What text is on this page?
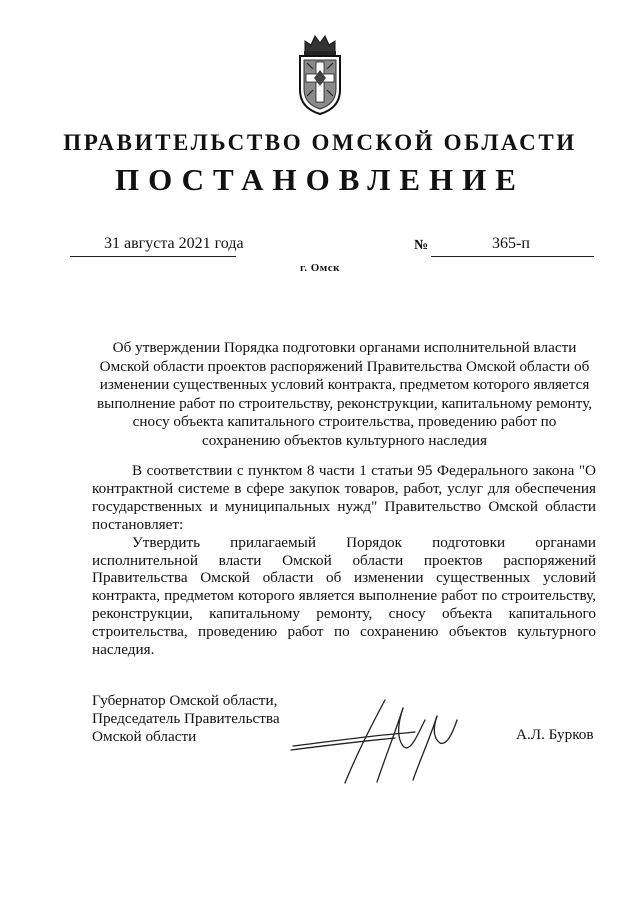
ПРАВИТЕЛЬСТВО ОМСКОЙ ОБЛАСТИ
ПОСТАНОВЛЕНИЕ
31 августа 2021 года	№	365-п
г. Омск
Об утверждении Порядка подготовки органами исполнительной власти Омской области проектов распоряжений Правительства Омской области об изменении существенных условий контракта, предметом которого является выполнение работ по строительству, реконструкции, капитальному ремонту, сносу объекта капитального строительства, проведению работ по сохранению объектов культурного наследия

В соответствии с пунктом 8 части 1 статьи 95 Федерального закона "О контрактной системе в сфере закупок товаров, работ, услуг для обеспечения государственных и муниципальных нужд" Правительство Омской области постановляет:

Утвердить прилагаемый Порядок подготовки органами исполнительной власти Омской области проектов распоряжений Правительства Омской области об изменении существенных условий контракта, предметом которого является выполнение работ по строительству, реконструкции, капитальному ремонту, сносу объекта капитального строительства, проведению работ по сохранению объектов культурного наследия.

Губернатор Омской области,
Председатель Правительства
Омской области	А.Л. Бурков
